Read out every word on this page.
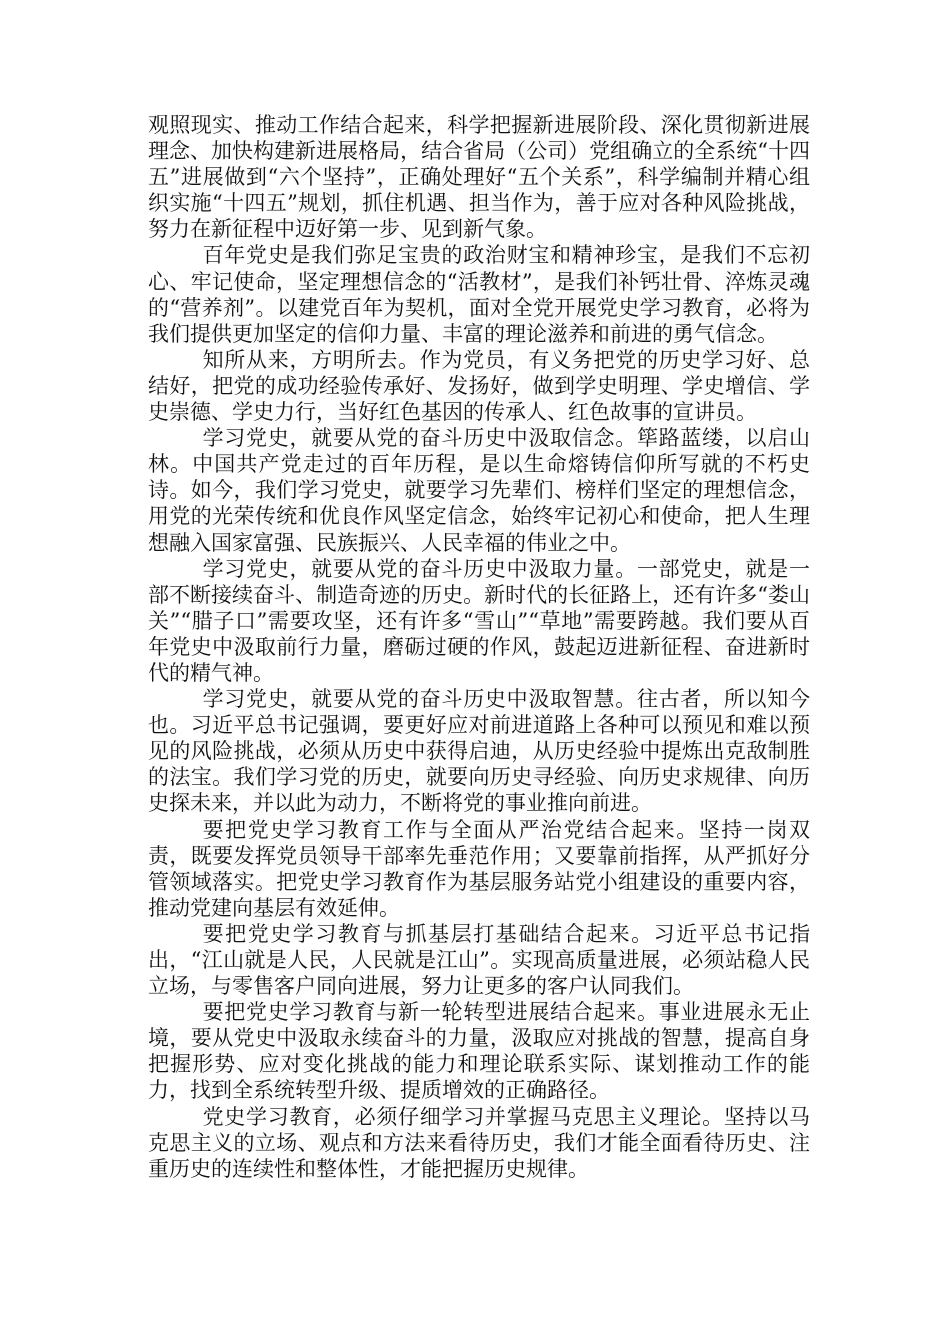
观照现实、推动工作结合起来，科学把握新进展阶段、深化贯彻新进展理念、加快构建新进展格局，结合省局（公司）党组确立的全系统“十四五”进展做到“六个坚持”，正确处理好“五个关系”，科学编制并精心组织实施“十四五”规划，抓住机遇、担当作为，善于应对各种风险挑战，努力在新征程中迈好第一步、见到新气象。

百年党史是我们弥足宝贵的政治财宝和精神珍宝，是我们不忘初心、牢记使命，坚定理想信念的“活教材”，是我们补钙壮骨、淬炼灵魂的“营养剂”。以建党百年为契机，面对全党开展党史学习教育，必将为我们提供更加坚定的信仰力量、丰富的理论滋养和前进的勇气信念。

知所从来，方明所去。作为党员，有义务把党的历史学习好、总结好，把党的成功经验传承好、发扬好，做到学史明理、学史增信、学史崇德、学史力行，当好红色基因的传承人、红色故事的宣讲员。

学习党史，就要从党的奋斗历史中汲取信念。筚路蓝缕，以启山林。中国共产党走过的百年历程，是以生命熔铸信仰所写就的不朽史诗。如今，我们学习党史，就要学习先辈们、榜样们坚定的理想信念，用党的光荣传统和优良作风坚定信念，始终牢记初心和使命，把人生理想融入国家富强、民族振兴、人民幸福的伟业之中。

学习党史，就要从党的奋斗历史中汲取力量。一部党史，就是一部不断接续奋斗、制造奇迹的历史。新时代的长征路上，还有许多“娄山关”“腊子口”需要攻坚，还有许多“雪山”“草地”需要跨越。我们要从百年党史中汲取前行力量，磨砺过硬的作风，鼓起迈进新征程、奋进新时代的精气神。

学习党史，就要从党的奋斗历史中汲取智慧。往古者，所以知今也。习近平总书记强调，要更好应对前进道路上各种可以预见和难以预见的风险挑战，必须从历史中获得启迪，从历史经验中提炼出克敌制胜的法宝。我们学习党的历史，就要向历史寻经验、向历史求规律、向历史探未来，并以此为动力，不断将党的事业推向前进。

要把党史学习教育工作与全面从严治党结合起来。坚持一岗双责，既要发挥党员领导干部率先垂范作用；又要靠前指挥，从严抓好分管领域落实。把党史学习教育作为基层服务站党小组建设的重要内容，推动党建向基层有效延伸。

要把党史学习教育与抓基层打基础结合起来。习近平总书记指出，“江山就是人民，人民就是江山”。实现高质量进展，必须站稳人民立场，与零售客户同向进展，努力让更多的客户认同我们。

要把党史学习教育与新一轮转型进展结合起来。事业进展永无止境，要从党史中汲取永续奋斗的力量，汲取应对挑战的智慧，提高自身把握形势、应对变化挑战的能力和理论联系实际、谋划推动工作的能力，找到全系统转型升级、提质增效的正确路径。

党史学习教育，必须仔细学习并掌握马克思主义理论。坚持以马克思主义的立场、观点和方法来看待历史，我们才能全面看待历史、注重历史的连续性和整体性，才能把握历史规律。
